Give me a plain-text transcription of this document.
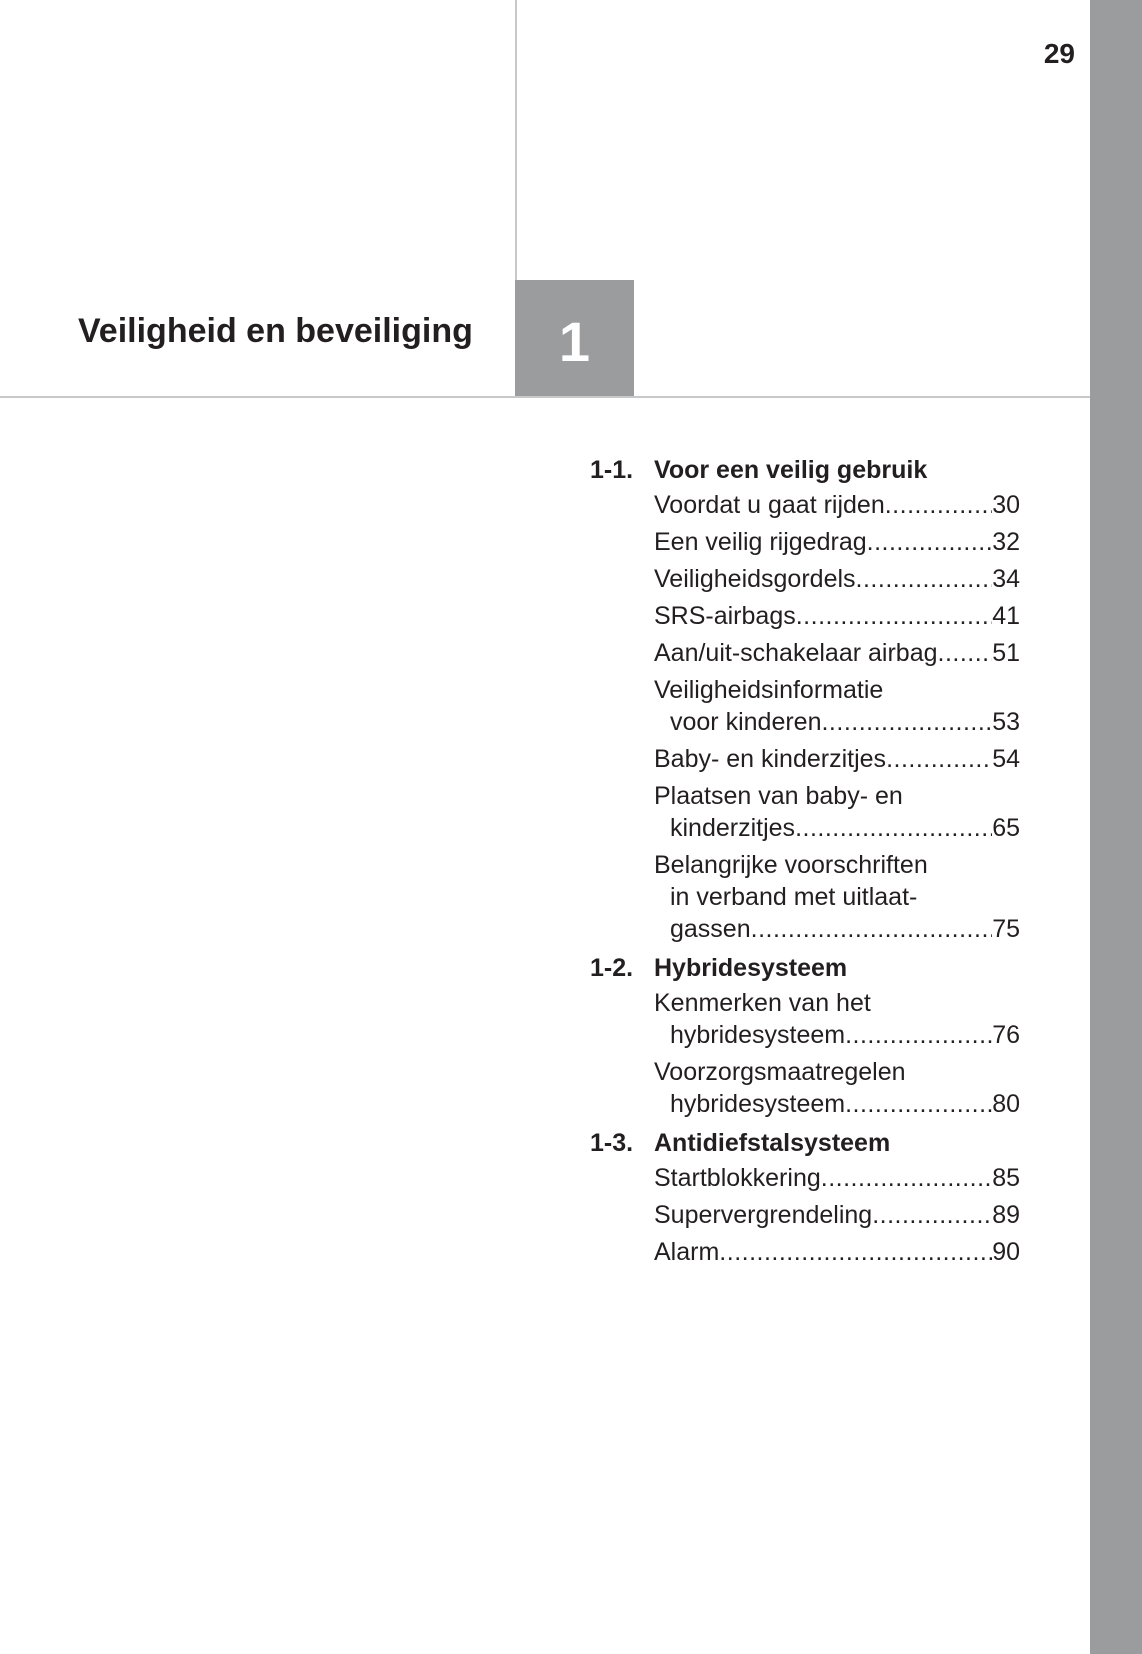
29
Veiligheid en beveiliging 1
1-1. Voor een veilig gebruik
Voordat u gaat rijden .....	30
Een veilig rijgedrag .....	32
Veiligheidsgordels .....	34
SRS-airbags .....	41
Aan/uit-schakelaar airbag ..... 51
Veiligheidsinformatie
voor kinderen .....	53
Baby- en kinderzitjes .....	54
Plaatsen van baby- en
kinderzitjes .....	65
Belangrijke voorschriften
in verband met uitlaat-
gassen .....	75
1-2. Hybridesysteem
Kenmerken van het
hybridesysteem .....	76
Voorzorgsmaatregelen
hybridesysteem .....	80
1-3. Antidiefstalsysteem
Startblokkering .....	85
Supervergrendeling .....	89
Alarm .....	90
